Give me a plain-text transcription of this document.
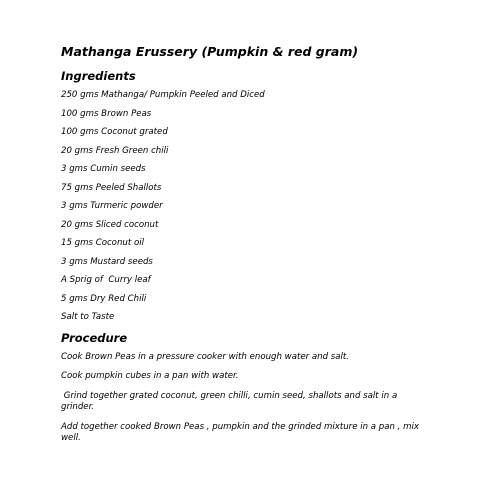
Mathanga Erussery (Pumpkin & red gram)
Ingredients
250 gms Mathanga/ Pumpkin Peeled and Diced
100 gms Brown Peas
100 gms Coconut grated
20 gms Fresh Green chili
3 gms Cumin seeds
75 gms Peeled Shallots
3 gms Turmeric powder
20 gms Sliced coconut
15 gms Coconut oil
3 gms Mustard seeds
A Sprig of  Curry leaf
5 gms Dry Red Chili
Salt to Taste
Procedure
Cook Brown Peas in a pressure cooker with enough water and salt.
Cook pumpkin cubes in a pan with water.
Grind together grated coconut, green chilli, cumin seed, shallots and salt in a grinder.
Add together cooked Brown Peas , pumpkin and the grinded mixture in a pan , mix well.
